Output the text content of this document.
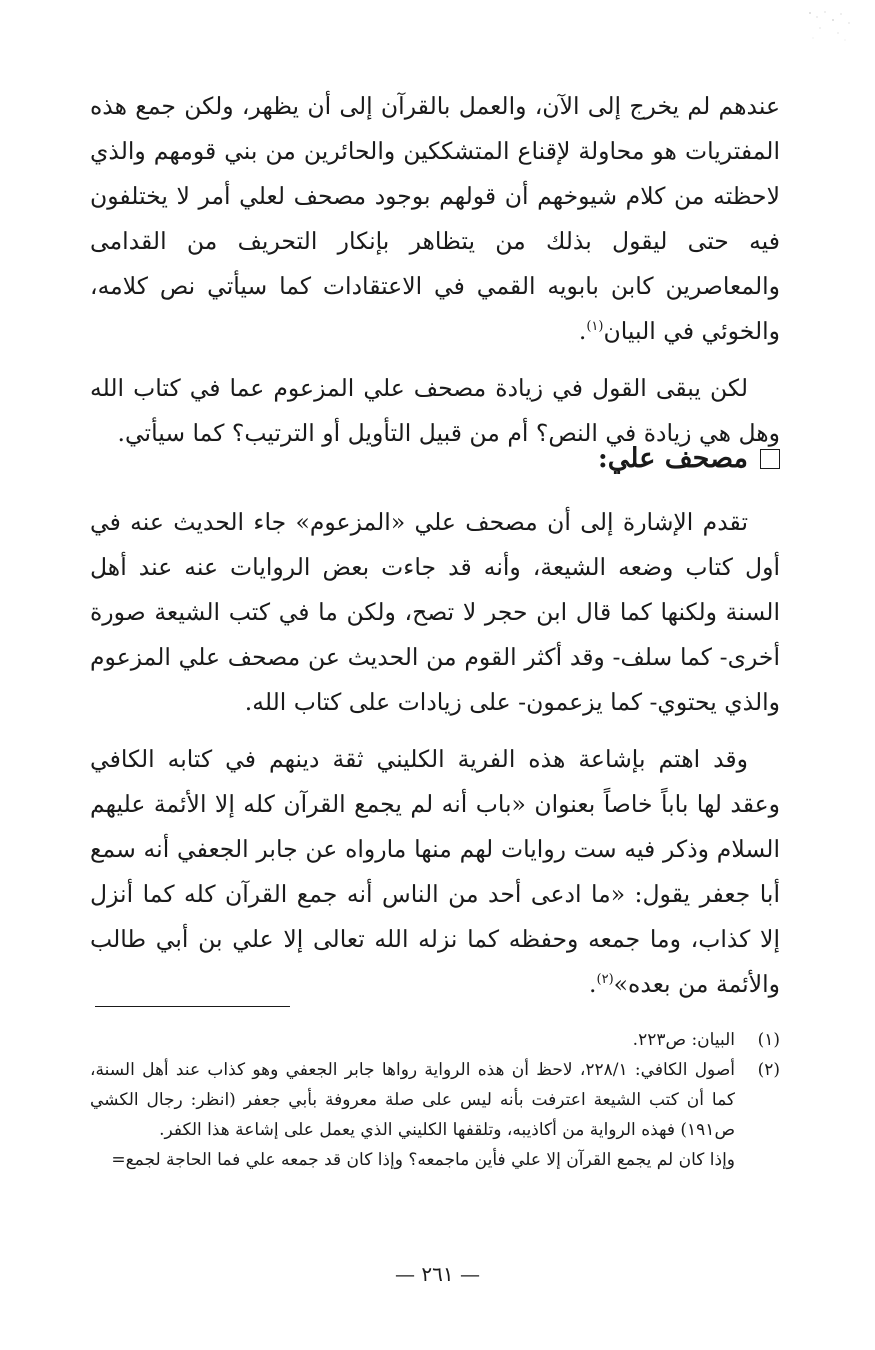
عندهم لم يخرج إلى الآن، والعمل بالقرآن إلى أن يظهر، ولكن جمع هذه المفتريات هو محاولة لإقناع المتشككين والحائرين من بني قومهم والذي لاحظته من كلام شيوخهم أن قولهم بوجود مصحف لعلي أمر لا يختلفون فيه حتى ليقول بذلك من يتظاهر بإنكار التحريف من القدامى والمعاصرين كابن بابويه القمي في الاعتقادات كما سيأتي نص كلامه، والخوئي في البيان$^{(١)}$.

لكن يبقى القول في زيادة مصحف علي المزعوم عما في كتاب الله وهل هي زيادة في النص؟ أم من قبيل التأويل أو الترتيب؟ كما سيأتي.

مصحف علي:

تقدم الإشارة إلى أن مصحف علي «المزعوم» جاء الحديث عنه في أول كتاب وضعه الشيعة، وأنه قد جاءت بعض الروايات عنه عند أهل السنة ولكنها كما قال ابن حجر لا تصح، ولكن ما في كتب الشيعة صورة أخرى- كما سلف- وقد أكثر القوم من الحديث عن مصحف علي المزعوم والذي يحتوي- كما يزعمون- على زيادات على كتاب الله.

وقد اهتم بإشاعة هذه الفرية الكليني ثقة دينهم في كتابه الكافي وعقد لها باباً خاصاً بعنوان «باب أنه لم يجمع القرآن كله إلا الأئمة عليهم السلام وذكر فيه ست روايات لهم منها مارواه عن جابر الجعفي أنه سمع أبا جعفر يقول: «ما ادعى أحد من الناس أنه جمع القرآن كله كما أنزل إلا كذاب، وما جمعه وحفظه كما نزله الله تعالى إلا علي بن أبي طالب والأئمة من بعده»$^{(٢)}$.

(١)
البيان: ص٢٢٣.
(٢)
أصول الكافي: ٢٢٨/١، لاحظ أن هذه الرواية رواها جابر الجعفي وهو كذاب عند أهل السنة، كما أن كتب الشيعة اعترفت بأنه ليس على صلة معروفة بأبي جعفر (انظر: رجال الكشي ص١٩١) فهذه الرواية من أكاذيبه، وتلقفها الكليني الذي يعمل على إشاعة هذا الكفر.
وإذا كان لم يجمع القرآن إلا علي فأين ماجمعه؟ وإذا كان قد جمعه علي فما الحاجة لجمع=
— ٢٦١ —
